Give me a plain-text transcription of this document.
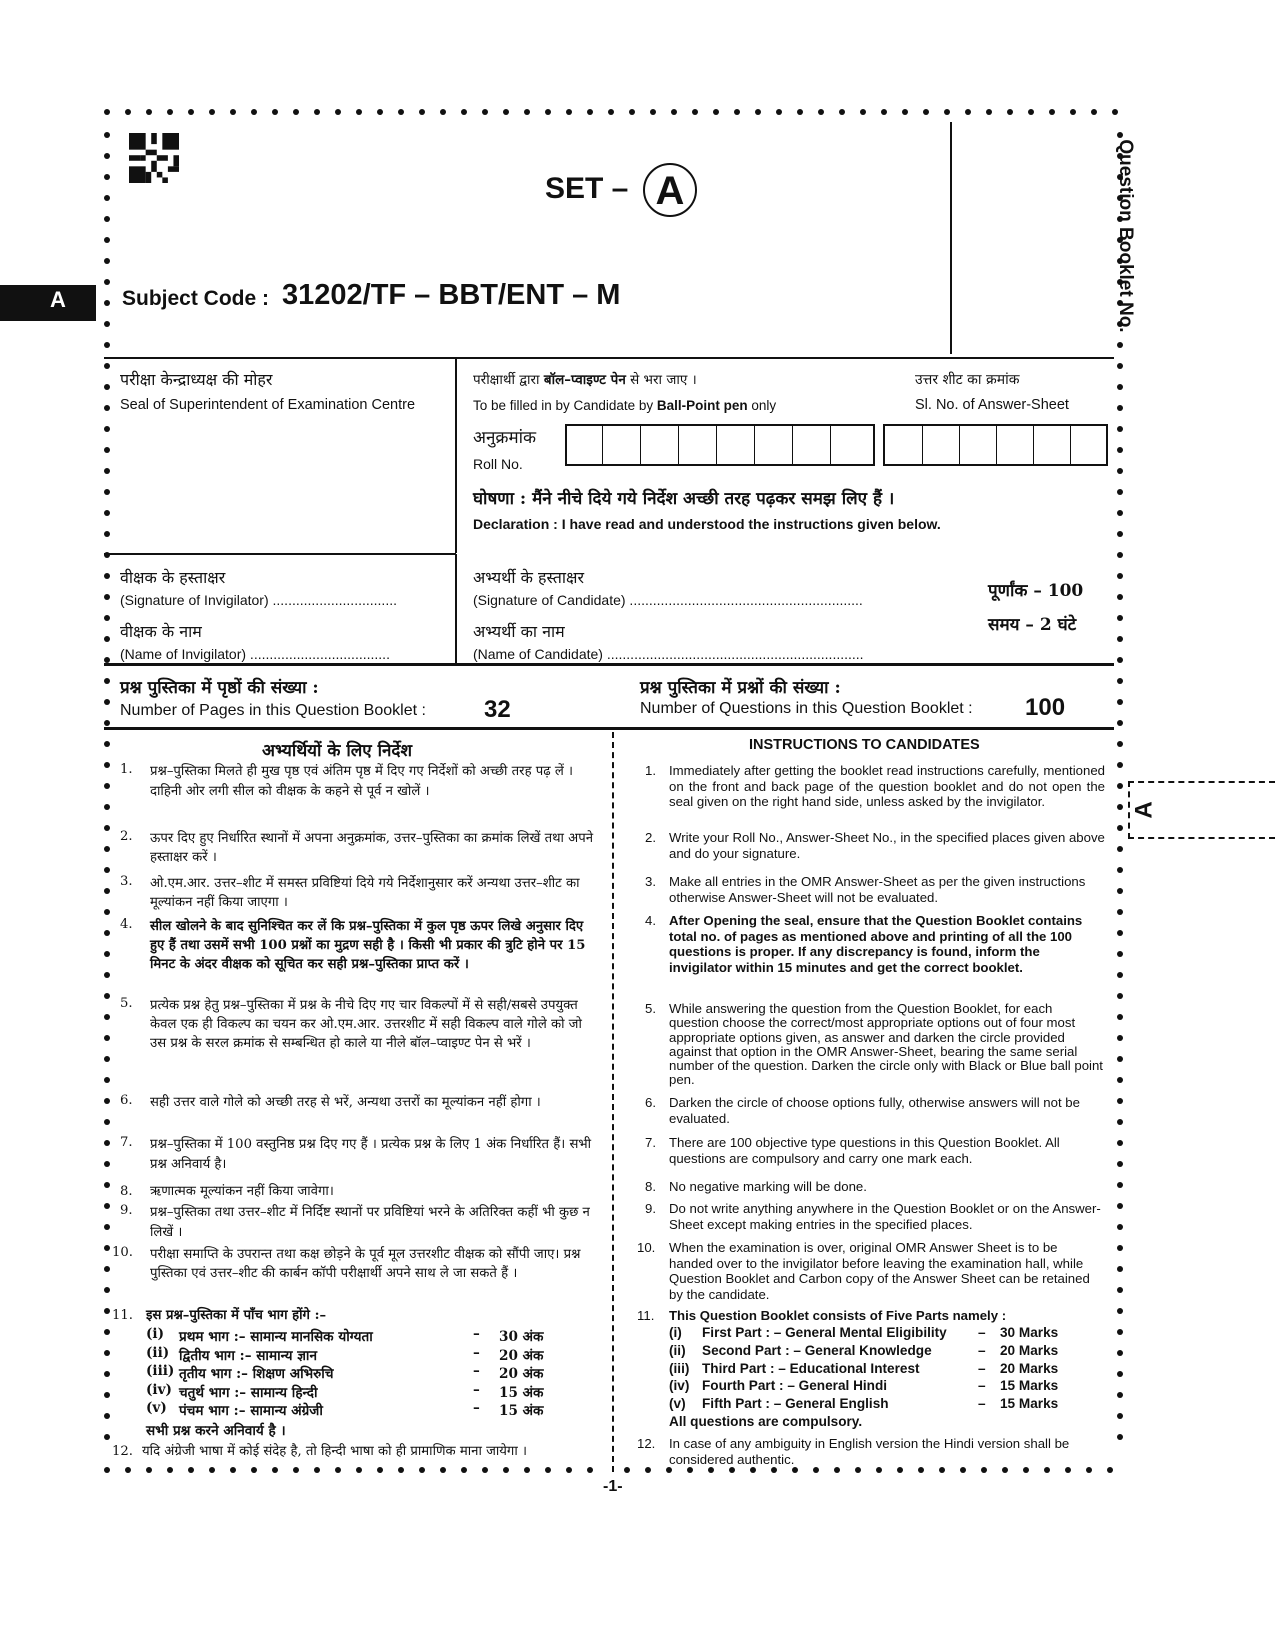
A
SET – A
Subject Code : 31202/TF – BBT/ENT – M	Question Booklet No.
परीक्षा केन्द्राध्यक्ष की मोहर
Seal of Superintendent of Examination Centre
परीक्षार्थी द्वारा बॉल–प्वाइण्ट पेन से भरा जाए ।
To be filled in by Candidate by Ball-Point pen only
उत्तर शीट का क्रमांक
Sl. No. of Answer-Sheet
अनुक्रमांक
Roll No.
घोषणा : मैंने नीचे दिये गये निर्देश अच्छी तरह पढ़कर समझ लिए हैं ।
Declaration : I have read and understood the instructions given below.
वीक्षक के हस्ताक्षर
(Signature of Invigilator) ................................
वीक्षक के नाम
(Name of Invigilator) ....................................
अभ्यर्थी के हस्ताक्षर
(Signature of Candidate) ............................................................
अभ्यर्थी का नाम
(Name of Candidate) ..................................................................
पूर्णांक – 100
समय – 2 घंटे
प्रश्न पुस्तिका में पृष्ठों की संख्या :
Number of Pages in this Question Booklet : 32
प्रश्न पुस्तिका में प्रश्नों की संख्या :
Number of Questions in this Question Booklet : 100
A
अभ्यर्थियों के लिए निर्देश
1. प्रश्न–पुस्तिका मिलते ही मुख पृष्ठ एवं अंतिम पृष्ठ में दिए गए निर्देशों को अच्छी तरह पढ़ लें । दाहिनी ओर लगी सील को वीक्षक के कहने से पूर्व न खोलें ।
2. ऊपर दिए हुए निर्धारित स्थानों में अपना अनुक्रमांक, उत्तर–पुस्तिका का क्रमांक लिखें तथा अपने हस्ताक्षर करें ।
3. ओ.एम.आर. उत्तर–शीट में समस्त प्रविष्टियां दिये गये निर्देशानुसार करें अन्यथा उत्तर–शीट का मूल्यांकन नहीं किया जाएगा ।
4. सील खोलने के बाद सुनिश्चित कर लें कि प्रश्न–पुस्तिका में कुल पृष्ठ ऊपर लिखे अनुसार दिए हुए हैं तथा उसमें सभी 100 प्रश्नों का मुद्रण सही है । किसी भी प्रकार की त्रुटि होने पर 15 मिनट के अंदर वीक्षक को सूचित कर सही प्रश्न–पुस्तिका प्राप्त करें ।
5. प्रत्येक प्रश्न हेतु प्रश्न–पुस्तिका में प्रश्न के नीचे दिए गए चार विकल्पों में से सही/सबसे उपयुक्त केवल एक ही विकल्प का चयन कर ओ.एम.आर. उत्तरशीट में सही विकल्प वाले गोले को जो उस प्रश्न के सरल क्रमांक से सम्बन्धित हो काले या नीले बॉल–प्वाइण्ट पेन से भरें ।
6. सही उत्तर वाले गोले को अच्छी तरह से भरें, अन्यथा उत्तरों का मूल्यांकन नहीं होगा ।
7. प्रश्न–पुस्तिका में 100 वस्तुनिष्ठ प्रश्न दिए गए हैं । प्रत्येक प्रश्न के लिए 1 अंक निर्धारित हैं। सभी प्रश्न अनिवार्य है।
8. ऋणात्मक मूल्यांकन नहीं किया जावेगा।
9. प्रश्न–पुस्तिका तथा उत्तर–शीट में निर्दिष्ट स्थानों पर प्रविष्टियां भरने के अतिरिक्त कहीं भी कुछ न लिखें ।
10. परीक्षा समाप्ति के उपरान्त तथा कक्ष छोड़ने के पूर्व मूल उत्तरशीट वीक्षक को सौंपी जाए। प्रश्न पुस्तिका एवं उत्तर–शीट की कार्बन कॉपी परीक्षार्थी अपने साथ ले जा सकते हैं ।
11. इस प्रश्न–पुस्तिका में पाँच भाग होंगे :–
(i) प्रथम भाग :– सामान्य मानसिक योग्यता	– 30 अंक
(ii) द्वितीय भाग :– सामान्य ज्ञान	– 20 अंक
(iii) तृतीय भाग :– शिक्षण अभिरुचि	– 20 अंक
(iv) चतुर्थ भाग :– सामान्य हिन्दी	– 15 अंक
(v) पंचम भाग :– सामान्य अंग्रेजी	– 15 अंक
सभी प्रश्न करने अनिवार्य है ।
12. यदि अंग्रेजी भाषा में कोई संदेह है, तो हिन्दी भाषा को ही प्रामाणिक माना जायेगा ।
INSTRUCTIONS TO CANDIDATES
1. Immediately after getting the booklet read instructions carefully, mentioned on the front and back page of the question booklet and do not open the seal given on the right hand side, unless asked by the invigilator.
2. Write your Roll No., Answer-Sheet No., in the specified places given above and do your signature.
3. Make all entries in the OMR Answer-Sheet as per the given instructions otherwise Answer-Sheet will not be evaluated.
4. After Opening the seal, ensure that the Question Booklet contains total no. of pages as mentioned above and printing of all the 100 questions is proper. If any discrepancy is found, inform the invigilator within 15 minutes and get the correct booklet.
5. While answering the question from the Question Booklet, for each question choose the correct/most appropriate options out of four most appropriate options given, as answer and darken the circle provided against that option in the OMR Answer-Sheet, bearing the same serial number of the question. Darken the circle only with Black or Blue ball point pen.
6. Darken the circle of choose options fully, otherwise answers will not be evaluated.
7. There are 100 objective type questions in this Question Booklet. All questions are compulsory and carry one mark each.
8. No negative marking will be done.
9. Do not write anything anywhere in the Question Booklet or on the Answer-Sheet except making entries in the specified places.
10. When the examination is over, original OMR Answer Sheet is to be handed over to the invigilator before leaving the examination hall, while Question Booklet and Carbon copy of the Answer Sheet can be retained by the candidate.
11. This Question Booklet consists of Five Parts namely :
(i) First Part : – General Mental Eligibility – 30 Marks
(ii) Second Part : – General Knowledge	– 20 Marks
(iii) Third Part : – Educational Interest	– 20 Marks
(iv) Fourth Part : – General Hindi	– 15 Marks
(v) Fifth Part : – General English	– 15 Marks
All questions are compulsory.
12. In case of any ambiguity in English version the Hindi version shall be considered authentic.
-1-
